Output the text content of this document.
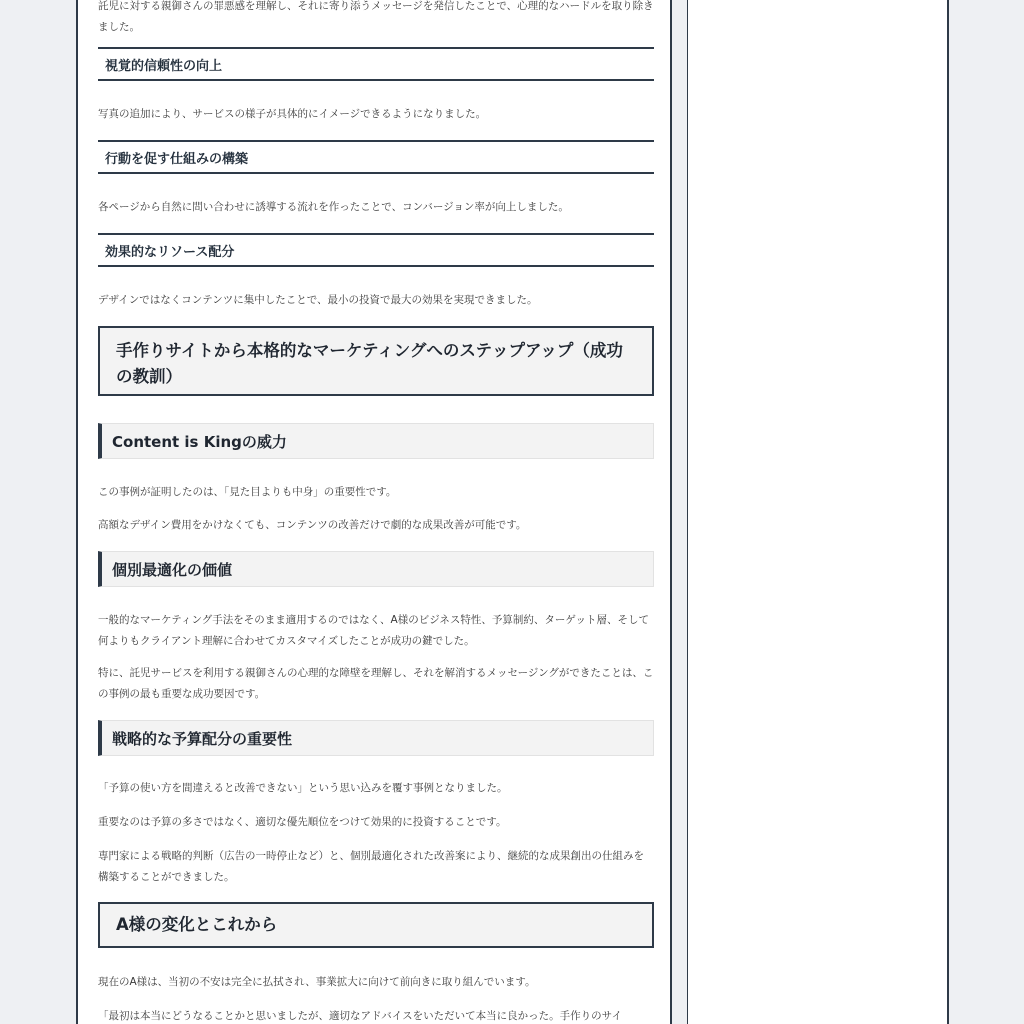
託児に対する親御さんの罪悪感を理解し、それに寄り添うメッセージを発信したことで、心理的なハードルを取り除きました。

視覚的信頼性の向上

写真の追加により、サービスの様子が具体的にイメージできるようになりました。

行動を促す仕組みの構築

各ページから自然に問い合わせに誘導する流れを作ったことで、コンバージョン率が向上しました。

効果的なリソース配分

デザインではなくコンテンツに集中したことで、最小の投資で最大の効果を実現できました。

手作りサイトから本格的なマーケティングへのステップアップ（成功の教訓）
Content is Kingの威力

この事例が証明したのは、「見た目よりも中身」の重要性です。

高額なデザイン費用をかけなくても、コンテンツの改善だけで劇的な成果改善が可能です。

個別最適化の価値

一般的なマーケティング手法をそのまま適用するのではなく、A様のビジネス特性、予算制約、ターゲット層、そして何よりもクライアント理解に合わせてカスタマイズしたことが成功の鍵でした。

特に、託児サービスを利用する親御さんの心理的な障壁を理解し、それを解消するメッセージングができたことは、この事例の最も重要な成功要因です。

戦略的な予算配分の重要性

「予算の使い方を間違えると改善できない」という思い込みを覆す事例となりました。

重要なのは予算の多さではなく、適切な優先順位をつけて効果的に投資することです。

専門家による戦略的判断（広告の一時停止など）と、個別最適化された改善案により、継続的な成果創出の仕組みを構築することができました。

A様の変化とこれから

現在のA様は、当初の不安は完全に払拭され、事業拡大に向けて前向きに取り組んでいます。

「最初は本当にどうなることかと思いましたが、適切なアドバイスをいただいて本当に良かった。手作りのサイ
